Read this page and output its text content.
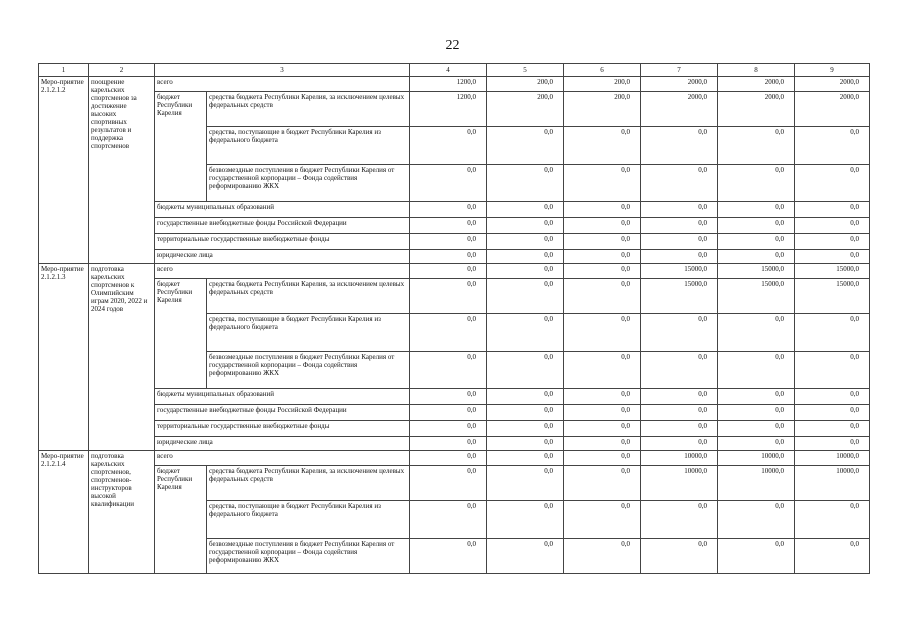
22
1	2	3		4	5	6	7	8	9
Меро-приятие 2.1.2.1.2	поощрение карельских спортсменов за достижение высоких спортивных результатов и поддержка спортсменов	всего		1200,0	200,0	200,0	2000,0	2000,0	2000,0
		бюджет Республики Карелия	средства бюджета Республики Карелия, за исключением целевых федеральных средств	1200,0	200,0	200,0	2000,0	2000,0	2000,0
			средства, поступающие в бюджет Республики Карелия из федерального бюджета	0,0	0,0	0,0	0,0	0,0	0,0
			безвозмездные поступления в бюджет Республики Карелия от государственной корпорации – Фонда содействия реформированию ЖКХ	0,0	0,0	0,0	0,0	0,0	0,0
		бюджеты муниципальных образований		0,0	0,0	0,0	0,0	0,0	0,0
		государственные внебюджетные фонды Российской Федерации		0,0	0,0	0,0	0,0	0,0	0,0
		территориальные государственные внебюджетные фонды		0,0	0,0	0,0	0,0	0,0	0,0
		юридические лица		0,0	0,0	0,0	0,0	0,0	0,0
Меро-приятие 2.1.2.1.3	подготовка карельских спортсменов к Олимпийским играм 2020, 2022 и 2024 годов	всего		0,0	0,0	0,0	15000,0	15000,0	15000,0
		бюджет Республики Карелия	средства бюджета Республики Карелия, за исключением целевых федеральных средств	0,0	0,0	0,0	15000,0	15000,0	15000,0
			средства, поступающие в бюджет Республики Карелия из федерального бюджета	0,0	0,0	0,0	0,0	0,0	0,0
			безвозмездные поступления в бюджет Республики Карелия от государственной корпорации – Фонда содействия реформированию ЖКХ	0,0	0,0	0,0	0,0	0,0	0,0
		бюджеты муниципальных образований		0,0	0,0	0,0	0,0	0,0	0,0
		государственные внебюджетные фонды Российской Федерации		0,0	0,0	0,0	0,0	0,0	0,0
		территориальные государственные внебюджетные фонды		0,0	0,0	0,0	0,0	0,0	0,0
		юридические лица		0,0	0,0	0,0	0,0	0,0	0,0
Меро-приятие 2.1.2.1.4	подготовка карельских спортсменов, спортсменов-инструкторов высокой квалификации	всего		0,0	0,0	0,0	10000,0	10000,0	10000,0
		бюджет Республики Карелия	средства бюджета Республики Карелия, за исключением целевых федеральных средств	0,0	0,0	0,0	10000,0	10000,0	10000,0
			средства, поступающие в бюджет Республики Карелия из федерального бюджета	0,0	0,0	0,0	0,0	0,0	0,0
			безвозмездные поступления в бюджет Республики Карелия от государственной корпорации – Фонда содействия реформированию ЖКХ	0,0	0,0	0,0	0,0	0,0	0,0
